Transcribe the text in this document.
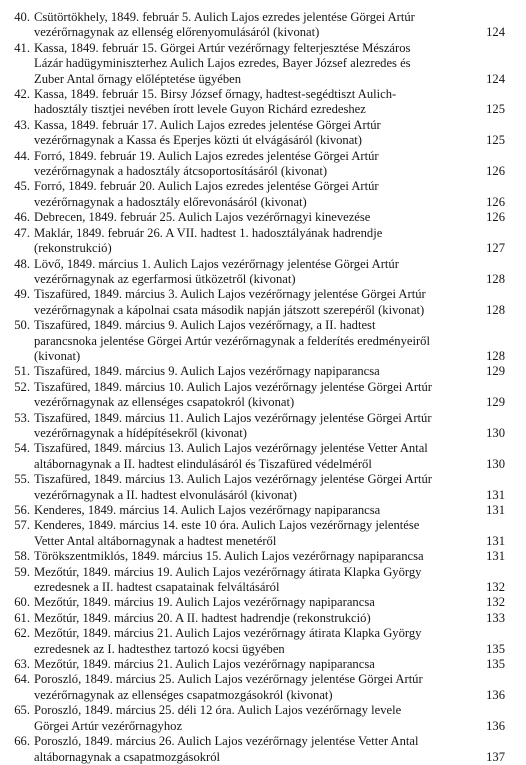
40. Csütörtökhely, 1849. február 5. Aulich Lajos ezredes jelentése Görgei Artúr
vezérőrnagynak az ellenség előrenyomulásáról (kivonat)	124
41. Kassa, 1849. február 15. Görgei Artúr vezérőrnagy felterjesztése Mészáros
Lázár hadügyminiszterhez Aulich Lajos ezredes, Bayer József alezredes és
Zuber Antal őrnagy előléptetése ügyében	124
42. Kassa, 1849. február 15. Birsy József őrnagy, hadtest-segédtiszt Aulich-
hadosztály tisztjei nevében írott levele Guyon Richárd ezredeshez	125
43. Kassa, 1849. február 17. Aulich Lajos ezredes jelentése Görgei Artúr
vezérőrnagynak a Kassa és Eperjes közti út elvágásáról (kivonat)	125
44. Forró, 1849. február 19. Aulich Lajos ezredes jelentése Görgei Artúr
vezérőrnagynak a hadosztály átcsoportosításáról (kivonat)	126
45. Forró, 1849. február 20. Aulich Lajos ezredes jelentése Görgei Artúr
vezérőrnagynak a hadosztály előrevonásáról (kivonat)	126
46. Debrecen, 1849. február 25. Aulich Lajos vezérőrnagyi kinevezése	126
47. Maklár, 1849. február 26. A VII. hadtest 1. hadosztályának hadrendje
(rekonstrukció)	127
48. Lövő, 1849. március 1. Aulich Lajos vezérőrnagy jelentése Görgei Artúr
vezérőrnagynak az egerfarmosi ütközetről (kivonat)	128
49. Tiszafüred, 1849. március 3. Aulich Lajos vezérőrnagy jelentése Görgei Artúr
vezérőrnagynak a kápolnai csata második napján játszott szerepéről (kivonat)	128
50. Tiszafüred, 1849. március 9. Aulich Lajos vezérőrnagy, a II. hadtest
parancsnoka jelentése Görgei Artúr vezérőrnagynak a felderítés eredményeiről
(kivonat)	128
51. Tiszafüred, 1849. március 9. Aulich Lajos vezérőrnagy napiparancsa	129
52. Tiszafüred, 1849. március 10. Aulich Lajos vezérőrnagy jelentése Görgei Artúr
vezérőrnagynak az ellenséges csapatokról (kivonat)	129
53. Tiszafüred, 1849. március 11. Aulich Lajos vezérőrnagy jelentése Görgei Artúr
vezérőrnagynak a hídépítésekről (kivonat)	130
54. Tiszafüred, 1849. március 13. Aulich Lajos vezérőrnagy jelentése Vetter Antal
altábornagynak a II. hadtest elindulásáról és Tiszafüred védelméről	130
55. Tiszafüred, 1849. március 13. Aulich Lajos vezérőrnagy jelentése Görgei Artúr
vezérőrnagynak a II. hadtest elvonulásáról (kivonat)	131
56. Kenderes, 1849. március 14. Aulich Lajos vezérőrnagy napiparancsa	131
57. Kenderes, 1849. március 14. este 10 óra. Aulich Lajos vezérőrnagy jelentése
Vetter Antal altábornagynak a hadtest menetéről	131
58. Törökszentmiklós, 1849. március 15. Aulich Lajos vezérőrnagy napiparancsa	131
59. Mezőtúr, 1849. március 19. Aulich Lajos vezérőrnagy átirata Klapka György
ezredesnek a II. hadtest csapatainak felváltásáról	132
60. Mezőtúr, 1849. március 19. Aulich Lajos vezérőrnagy napiparancsa	132
61. Mezőtúr, 1849. március 20. A II. hadtest hadrendje (rekonstrukció)	133
62. Mezőtúr, 1849. március 21. Aulich Lajos vezérőrnagy átirata Klapka György
ezredesnek az I. hadtesthez tartozó kocsi ügyében	135
63. Mezőtúr, 1849. március 21. Aulich Lajos vezérőrnagy napiparancsa	135
64. Poroszló, 1849. március 25. Aulich Lajos vezérőrnagy jelentése Görgei Artúr
vezérőrnagynak az ellenséges csapatmozgásokról (kivonat)	136
65. Poroszló, 1849. március 25. déli 12 óra. Aulich Lajos vezérőrnagy levele
Görgei Artúr vezérőrnagyhoz	136
66. Poroszló, 1849. március 26. Aulich Lajos vezérőrnagy jelentése Vetter Antal
altábornagynak a csapatmozgásokról	137
